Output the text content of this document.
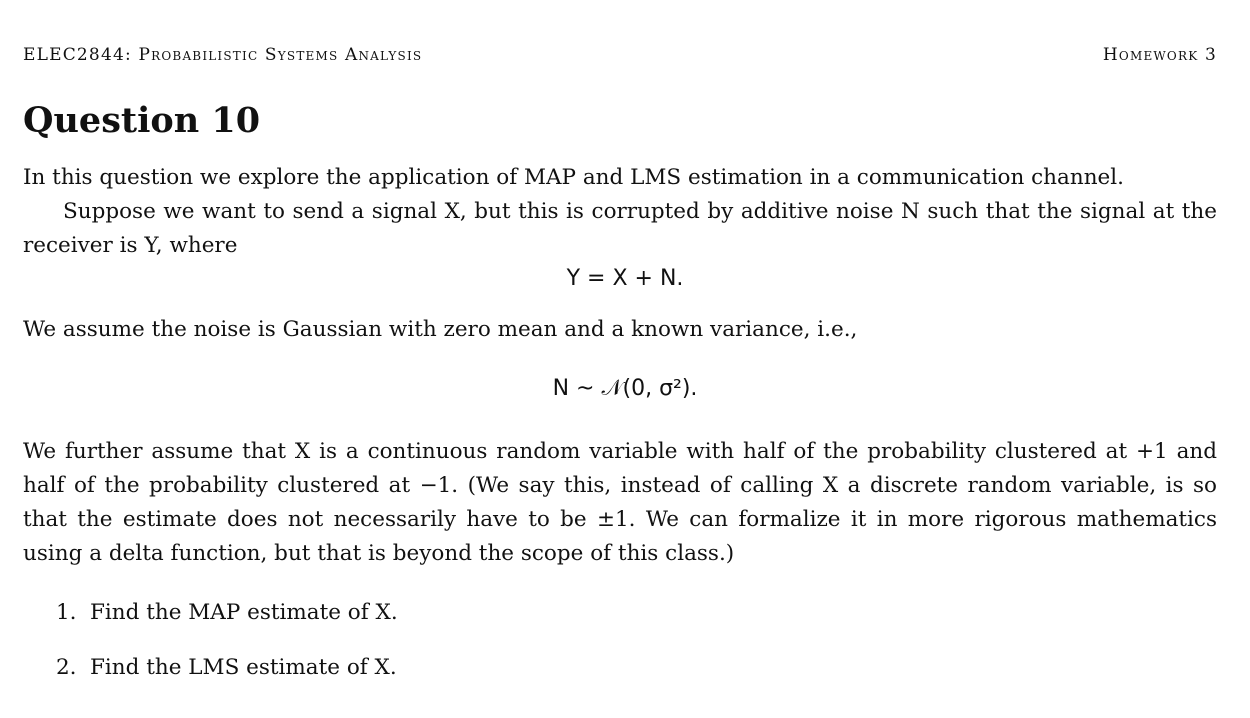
ELEC2844: Probabilistic Systems Analysis	Homework 3
Question 10
In this question we explore the application of MAP and LMS estimation in a communication channel.
Suppose we want to send a signal X, but this is corrupted by additive noise N such that the signal at the receiver is Y, where
Y = X + N.
We assume the noise is Gaussian with zero mean and a known variance, i.e.,
N ~ 𝒩(0, σ²).
We further assume that X is a continuous random variable with half of the probability clustered at +1 and half of the probability clustered at −1. (We say this, instead of calling X a discrete random variable, is so that the estimate does not necessarily have to be ±1. We can formalize it in more rigorous mathematics using a delta function, but that is beyond the scope of this class.)
1. Find the MAP estimate of X.
2. Find the LMS estimate of X.
